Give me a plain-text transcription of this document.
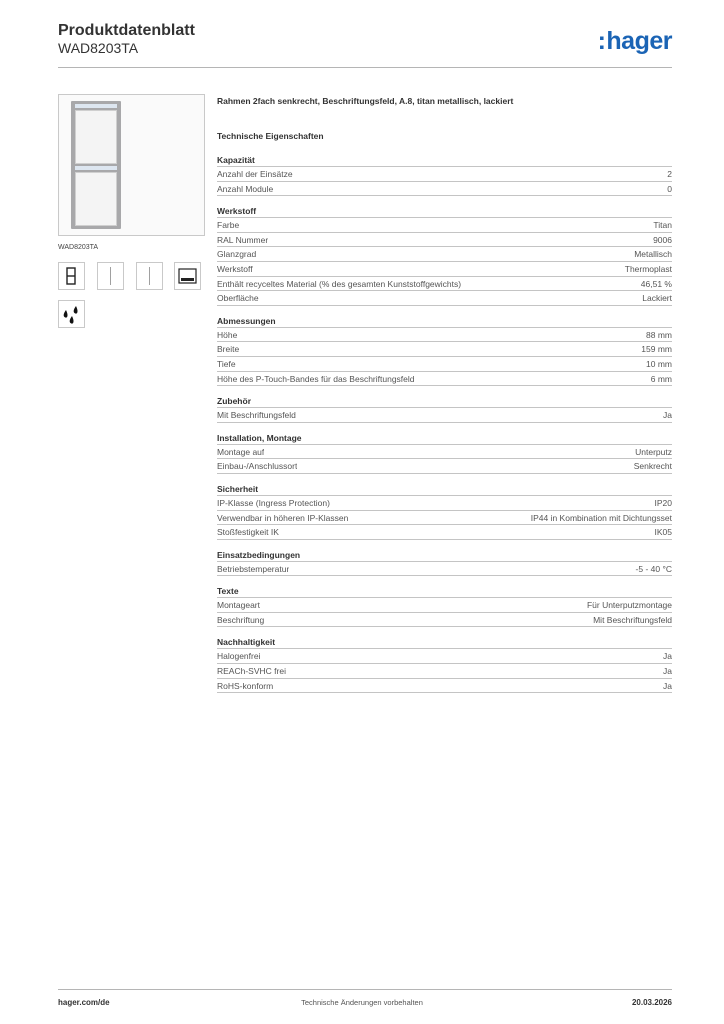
Produktdatenblatt
WAD8203TA	:hager
WAD8203TA
Rahmen 2fach senkrecht, Beschriftungsfeld, A.8, titan metallisch, lackiert
Technische Eigenschaften
Kapazität
Anzahl der Einsätze	2
Anzahl Module	0
Werkstoff
Farbe	Titan
RAL Nummer	9006
Glanzgrad	Metallisch
Werkstoff	Thermoplast
Enthält recyceltes Material (% des gesamten Kunststoffgewichts)	46,51 %
Oberfläche	Lackiert
Abmessungen
Höhe	88 mm
Breite	159 mm
Tiefe	10 mm
Höhe des P-Touch-Bandes für das Beschriftungsfeld	6 mm
Zubehör
Mit Beschriftungsfeld	Ja
Installation, Montage
Montage auf	Unterputz
Einbau-/Anschlussort	Senkrecht
Sicherheit
IP-Klasse (Ingress Protection)	IP20
Verwendbar in höheren IP-Klassen	IP44 in Kombination mit Dichtungsset
Stoßfestigkeit IK	IK05
Einsatzbedingungen
Betriebstemperatur	-5 - 40 °C
Texte
Montageart	Für Unterputzmontage
Beschriftung	Mit Beschriftungsfeld
Nachhaltigkeit
Halogenfrei	Ja
REACh-SVHC frei	Ja
RoHS-konform	Ja
hager.com/de	Technische Änderungen vorbehalten	20.03.2026
